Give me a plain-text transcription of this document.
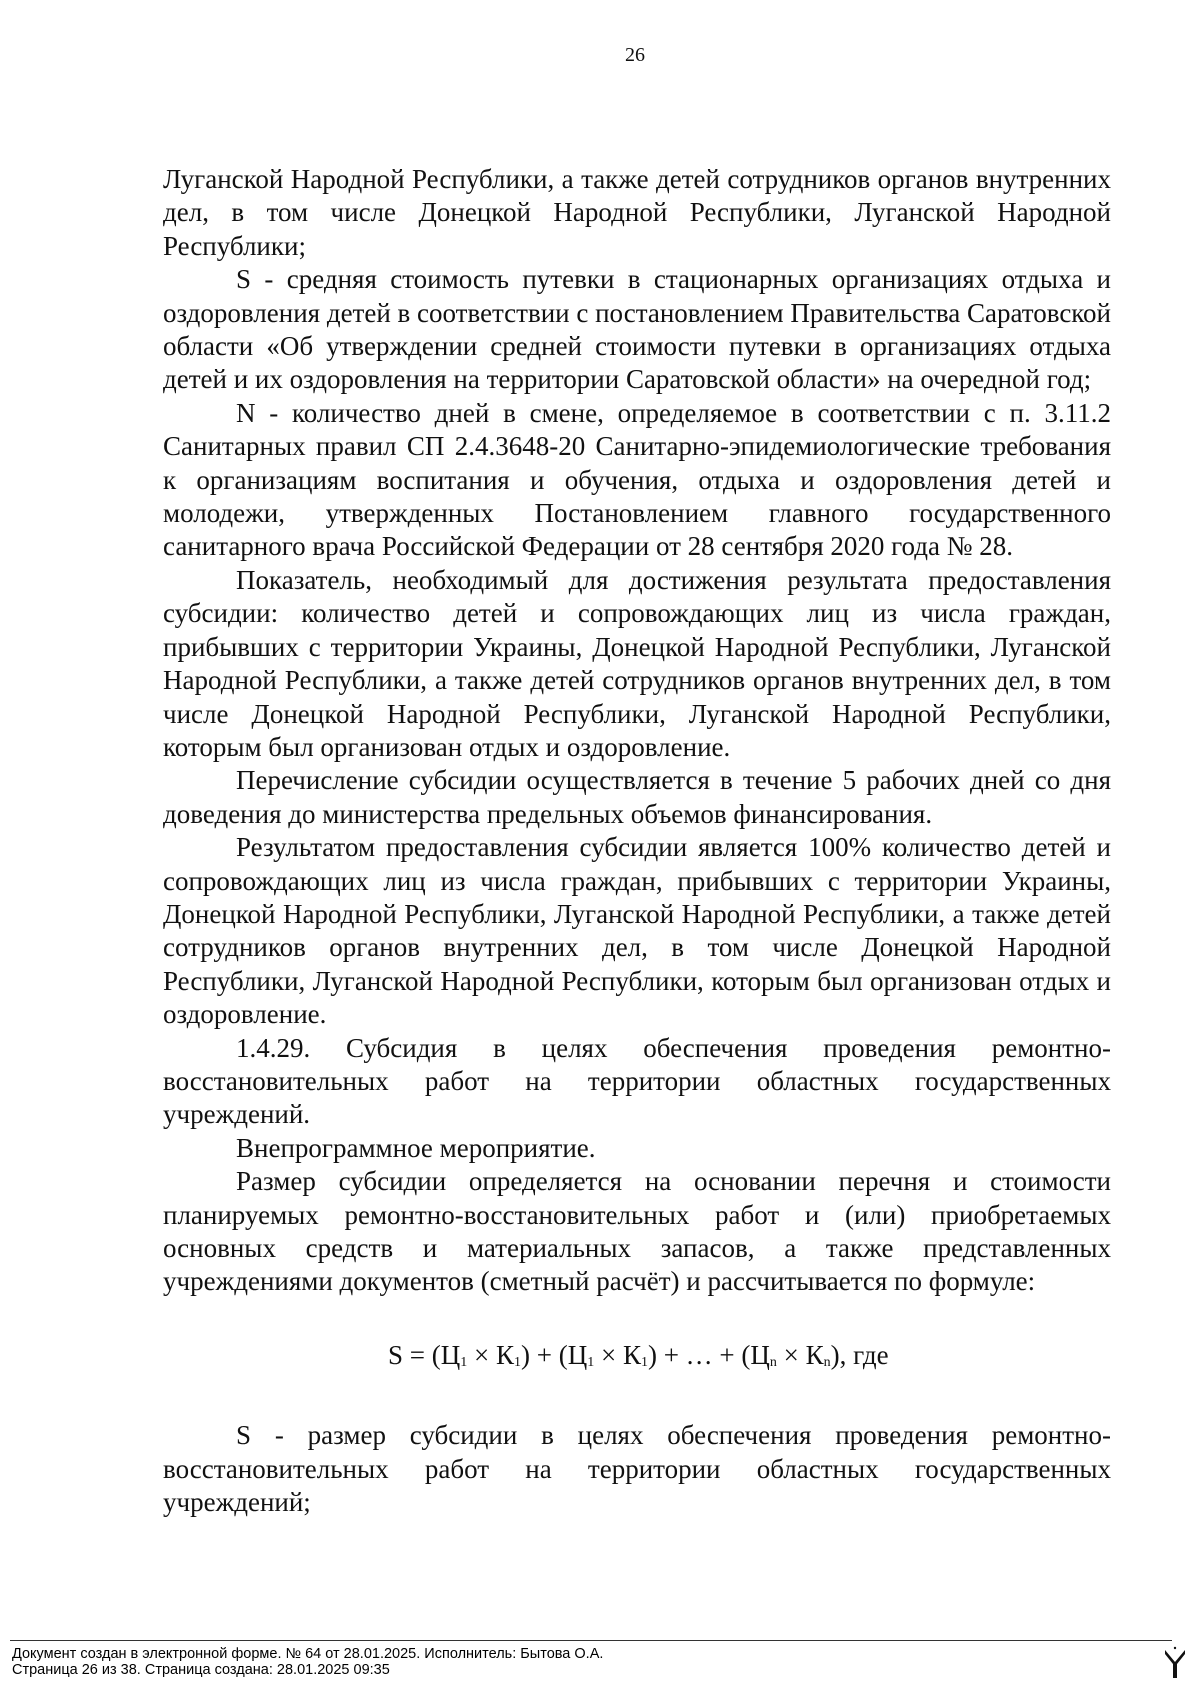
26

Луганской Народной Республики, а также детей сотрудников органов внутренних дел, в том числе Донецкой Народной Республики, Луганской Народной Республики;

S - средняя стоимость путевки в стационарных организациях отдыха и оздоровления детей в соответствии с постановлением Правительства Саратовской области «Об утверждении средней стоимости путевки в организациях отдыха детей и их оздоровления на территории Саратовской области» на очередной год;

N - количество дней в смене, определяемое в соответствии с п. 3.11.2 Санитарных правил СП 2.4.3648-20 Санитарно-эпидемиологические требования к организациям воспитания и обучения, отдыха и оздоровления детей и молодежи, утвержденных Постановлением главного государственного санитарного врача Российской Федерации от 28 сентября 2020 года № 28.

Показатель, необходимый для достижения результата предоставления субсидии: количество детей и сопровождающих лиц из числа граждан, прибывших с территории Украины, Донецкой Народной Республики, Луганской Народной Республики, а также детей сотрудников органов внутренних дел, в том числе Донецкой Народной Республики, Луганской Народной Республики, которым был организован отдых и оздоровление.

Перечисление субсидии осуществляется в течение 5 рабочих дней со дня доведения до министерства предельных объемов финансирования.

Результатом предоставления субсидии является 100% количество детей и сопровождающих лиц из числа граждан, прибывших с территории Украины, Донецкой Народной Республики, Луганской Народной Республики, а также детей сотрудников органов внутренних дел, в том числе Донецкой Народной Республики, Луганской Народной Республики, которым был организован отдых и оздоровление.

1.4.29. Субсидия в целях обеспечения проведения ремонтно-восстановительных работ на территории областных государственных учреждений.

Внепрограммное мероприятие.

Размер субсидии определяется на основании перечня и стоимости планируемых ремонтно-восстановительных работ и (или) приобретаемых основных средств и материальных запасов, а также представленных учреждениями документов (сметный расчёт) и рассчитывается по формуле:

$S = (Ц_1 \times К_1) + (Ц_1 \times К_1)$ + … + $(Ц_n \times К_n)$, где

S - размер субсидии в целях обеспечения проведения ремонтно-восстановительных работ на территории областных государственных учреждений;

Документ создан в электронной форме. № 64 от 28.01.2025. Исполнитель: Бытова О.А.
Страница 26 из 38. Страница создана: 28.01.2025 09:35
